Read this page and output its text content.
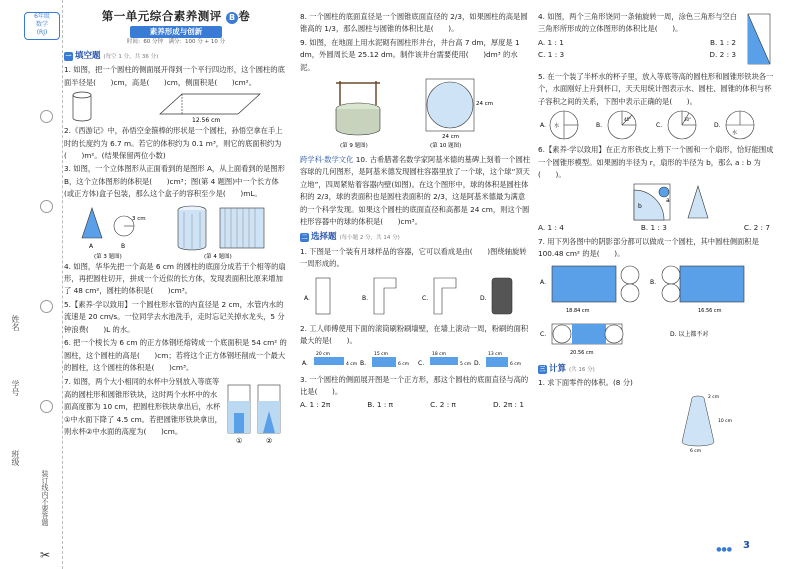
6年级
数学
(RJ)
姓名
学号
班级
装订线内不要答题
✂
第一单元综合素养测评 B 卷
素养形成与创新
时间：60 分钟　满分：100 分 + 10 分
一 填空题 (每空 1 分，共 36 分)
1. 如图，把一个圆柱的侧面展开得到一个平行四边形，这个圆柱的底面半径是(　　)cm，高是(　　)cm，侧面积是(　　)cm²。
12.56 cm
2.《西游记》中，孙悟空金箍棒的形状是一个圆柱，孙悟空拿在手上时的长度约为 6.7 m。若它的体积约为 0.1 m³，则它的底面积约为(　　)m²。(结果保留两位小数)
3. 如图，一个立体图形从正面看到的是图形 A，从上面看到的是图形 B，这个立体图形的体积是(　　)cm³；图(第 4 题图)中一个长方体(或正方体)盒子包装，那么这个盒子的容积至少是(　　)mL。
A
3 cm
B
(第 3 题图)	(第 4 题图)
4. 如图，华华先把一个高是 6 cm 的圆柱的底面分成若干个相等的扇形，再把圆柱切开，拼成一个近似的长方体，发现表面积比原来增加了 48 cm²，圆柱的体积是(　　)cm³。
5.【素养·学以致用】一个圆柱形水管的内直径是 2 cm，水管内水的流速是 20 cm/s。一位同学去水池洗手，走时忘记关掉水龙头，5 分钟浪费(　　)L 的水。
6. 把一个棱长为 6 cm 的正方体钢坯熔铸成一个底面积是 54 cm² 的圆柱，这个圆柱的高是(　　)cm；若将这个正方体钢坯削成一个最大的圆柱，这个圆柱的体积是(　　)cm³。
7. 如图，两个大小相同的水杯中分别放入等底等高的圆柱形和圆锥形铁块，这时两个水杯中的水面高度都为 10 cm，把圆柱形铁块拿出后，水杯①中水面下降了 4.5 cm。若把圆锥形铁块拿出，则水杯②中水面的高度为(　　)cm。
①	②
8. 一个圆柱的底面直径是一个圆锥底面直径的 2/3，如果圆柱的高是圆锥高的 1/3，那么圆柱与圆锥的体积比是(　　)。
9. 如图，在地面上用水泥砌有圆柱形井台，井台高 7 dm，厚度是 1 dm，外圆周长是 25.12 dm。制作该井台需要使用(　　)dm³ 的水泥。
(第 9 题图)
24 cm
24 cm
(第 10 题图)
跨学科·数学文化 10. 古希腊著名数学家阿基米德的墓碑上刻着一个圆柱容球的几何图形，是阿基米德发现圆柱容器里放了一个球，这个球“顶天立地”，四周紧贴着容器内壁(如图)。在这个图形中，球的体积是圆柱体积的 2/3，球的表面积也是圆柱表面积的 2/3，这是阿基米德最为满意的一个科学发现。如果这个圆柱的底面直径和高都是 24 cm，则这个圆柱形容器中的球的体积是(　　)cm³。
二 选择题 (每小题 2 分，共 14 分)
1. 下图是一个装有月球样品的容器，它可以看成是由(　　)图绕轴旋转一周形成的。
A.	B.	C.	D.
2. 工人师傅使用下面的滚筒刷粉刷墙壁，在墙上滚动一周，粉刷的面积最大的是(　　)。
A.
20 cm
4 cm B.
15 cm
6 cm C.
18 cm
5 cm D.
13 cm
6 cm
3. 一个圆柱的侧面展开图是一个正方形，那这个圆柱的底面直径与高的比是(　　)。
A. 1 : 2π	B. 1 : π	C. 2 : π	D. 2π : 1
4. 如图，两个三角形饶同一条轴旋转一周，涂色三角形与空白三角形所形成的立体图形的体积比是(　　)。
A. 1 : 1	B. 1 : 2
C. 1 : 3	D. 2 : 3
5. 在一个装了半杯水的杯子里，放入等底等高的圆柱形和圆锥形铁块各一个，水面刚好上升到杯口，天天用统计图表示水、圆柱、圆锥的体积与杯子容积之间的关系，下图中表示正确的是(　　)。
A. 水	B.
45°
C.
30°
D.
水
6.【素养·学以致用】在正方形铁皮上剪下一个圆和一个扇形，恰好能围成一个圆锥形模型。如果圆的半径为 r，扇形的半径为 b，那么 a : b 为(　　)。
b
a
A. 1 : 4	B. 1 : 3	C. 2 : 7
7. 用下列各图中的阴影部分都可以做成一个圆柱，其中圆柱侧面积是 100.48 cm² 的是(　　)。
A.
18.84 cm
B.
16.56 cm
C.
20.56 cm
D. 以上都不对
三 计算 (共 16 分)
1. 求下面零件的体积。(8 分)
2 cm
10 cm
6 cm
●●● 3
